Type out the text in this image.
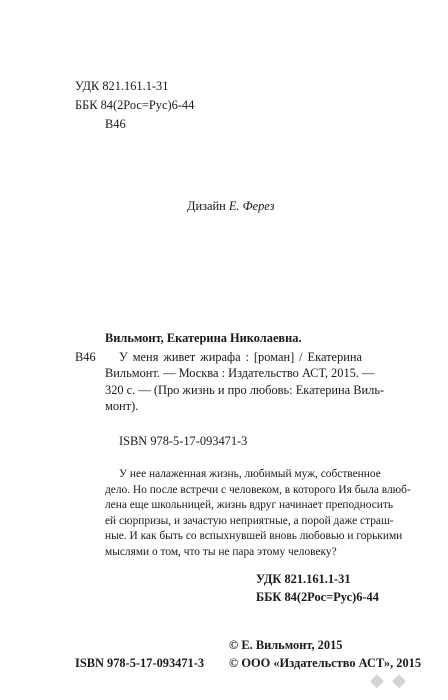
УДК 821.161.1-31
ББК 84(2Рос=Рус)6-44
В46
Дизайн Е. Ферез
В46
Вильмонт, Екатерина Николаевна.
У меня живет жирафа : [роман] / Екатерина
Вильмонт. — Москва : Издательство АСТ, 2015. —
320 с. — (Про жизнь и про любовь: Екатерина Виль-
монт).
ISBN 978-5-17-093471-3
У нее налаженная жизнь, любимый муж, собственное
дело. Но после встречи с человеком, в которого Ия была влюб-
лена еще школьницей, жизнь вдруг начинает преподносить
ей сюрпризы, и зачастую неприятные, а порой даже страш-
ные. И как быть со вспыхнувшей вновь любовью и горькими
мыслями о том, что ты не пара этому человеку?
УДК 821.161.1-31
ББК 84(2Рос=Рус)6-44
© Е. Вильмонт, 2015
ISBN 978-5-17-093471-3 © ООО «Издательство АСТ», 2015
◆ ◆
